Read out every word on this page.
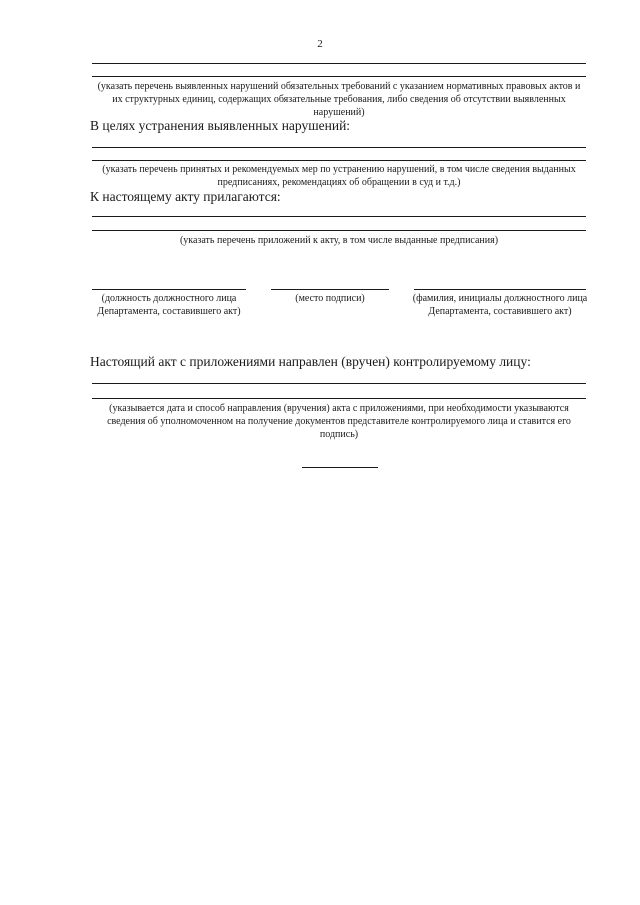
2
(указать перечень выявленных нарушений обязательных требований с указанием нормативных правовых актов и их структурных единиц, содержащих обязательные требования, либо сведения об отсутствии выявленных нарушений)
В целях устранения выявленных нарушений:
(указать перечень принятых и рекомендуемых мер по устранению нарушений, в том числе сведения выданных предписаниях, рекомендациях об обращении в суд и т.д.)
К настоящему акту прилагаются:
(указать перечень приложений к акту, в том числе выданные предписания)
(должность должностного лица Департамента, составившего акт)
(место подписи)	(фамилия, инициалы должностного лица Департамента, составившего акт)
Настоящий акт с приложениями направлен (вручен) контролируемому лицу:
(указывается дата и способ направления (вручения) акта с приложениями, при необходимости указываются сведения об уполномоченном на получение документов представителе контролируемого лица и ставится его подпись)
